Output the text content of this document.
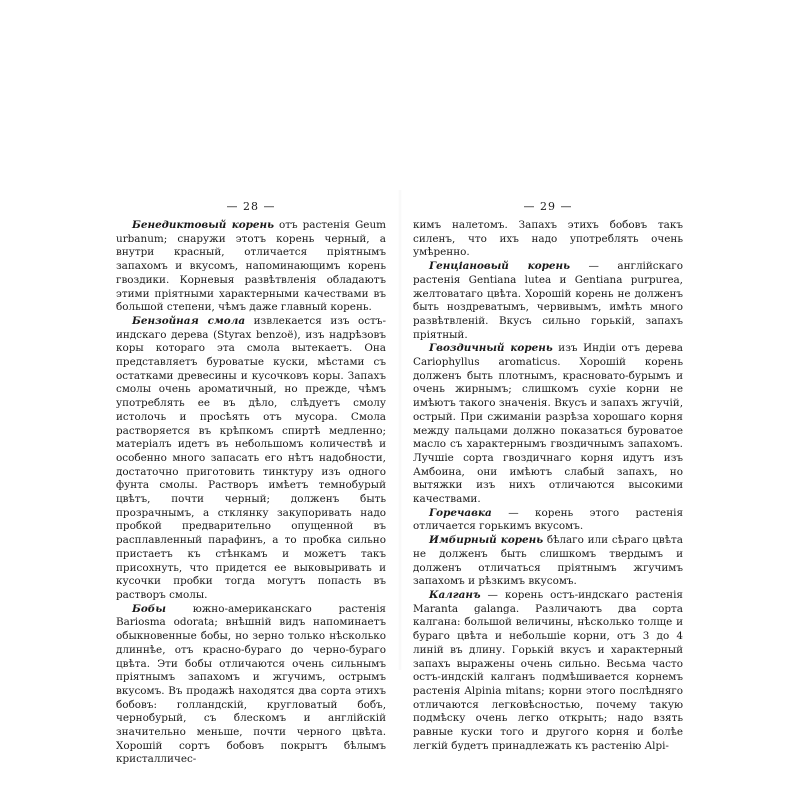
— 28 —

Бенедиктовый корень отъ растенія Geum urbanum; снаружи этотъ корень черный, а внутри красный, отличается пріятнымъ запахомъ и вкусомъ, напоминающимъ корень гвоздики. Корневыя развѣтвленія обладаютъ этими пріятными характерными качествами въ большой степени, чѣмъ даже главный корень.

Бензойная смола извлекается изъ остъ-индскаго дерева (Styrax benzoë), изъ надрѣзовъ коры котораго эта смола вытекаетъ. Она представляетъ буроватые куски, мѣстами съ остатками древесины и кусочковъ коры. Запахъ смолы очень ароматичный, но прежде, чѣмъ употреблять ее въ дѣло, слѣдуетъ смолу истолочь и просѣять отъ мусора. Смола растворяется въ крѣпкомъ спиртѣ медленно; матеріалъ идетъ въ небольшомъ количествѣ и особенно много запасать его нѣтъ надобности, достаточно приготовить тинктуру изъ одного фунта смолы. Растворъ имѣетъ темнобурый цвѣтъ, почти черный; долженъ быть прозрачнымъ, а стклянку закупоривать надо пробкой предварительно опущенной въ расплавленный парафинъ, а то пробка сильно пристаетъ къ стѣнкамъ и можетъ такъ присохнуть, что придется ее выковыривать и кусочки пробки тогда могутъ попасть въ растворъ смолы.

Бобы южно-американскаго растенія Bariosma odorata; внѣшній видъ напоминаетъ обыкновенные бобы, но зерно только нѣсколько длиннѣе, отъ красно-бураго до черно-бураго цвѣта. Эти бобы отличаются очень сильнымъ пріятнымъ запахомъ и жгучимъ, острымъ вкусомъ. Въ продажѣ находятся два сорта этихъ бобовъ: голландскій, кругловатый бобъ, чернобурый, съ блескомъ и англійскій значительно меньше, почти черного цвѣта. Хорошій сортъ бобовъ покрытъ бѣлымъ кристалличес-

— 29 —

кимъ налетомъ. Запахъ этихъ бобовъ такъ силенъ, что ихъ надо употреблять очень умѣренно.

Генціановый корень — англійскаго растенія Gentiana lutea и Gentiana purpurea, желтоватаго цвѣта. Хорошій корень не долженъ быть ноздреватымъ, червивымъ, имѣть много развѣтвленій. Вкусъ сильно горькій, запахъ пріятный.

Гвоздичный корень изъ Индіи отъ дерева Cariophyllus aromaticus. Хорошій корень долженъ быть плотнымъ, красновато-бурымъ и очень жирнымъ; слишкомъ сухіе корни не имѣютъ такого значенія. Вкусъ и запахъ жгучій, острый. При сжиманіи разрѣза хорошаго корня между пальцами должно показаться буроватое масло съ характернымъ гвоздичнымъ запахомъ. Лучшіе сорта гвоздичнаго корня идутъ изъ Амбоина, они имѣютъ слабый запахъ, но вытяжки изъ нихъ отличаются высокими качествами.

Горечавка — корень этого растенія отличается горькимъ вкусомъ.

Имбирный корень бѣлаго или сѣраго цвѣта не долженъ быть слишкомъ твердымъ и долженъ отличаться пріятнымъ жгучимъ запахомъ и рѣзкимъ вкусомъ.

Калганъ — корень остъ-индскаго растенія Maranta galanga. Различаютъ два сорта калгана: большой величины, нѣсколько толще и бураго цвѣта и небольшіе корни, отъ 3 до 4 линій въ длину. Горькій вкусъ и характерный запахъ выражены очень сильно. Весьма часто остъ-индскій калганъ подмѣшивается корнемъ растенія Alpinia mitans; корни этого послѣдняго отличаются легковѣсностью, почему такую подмѣску очень легко открыть; надо взять равные куски того и другого корня и болѣе легкій будетъ принадлежать къ растенію Alpi-
